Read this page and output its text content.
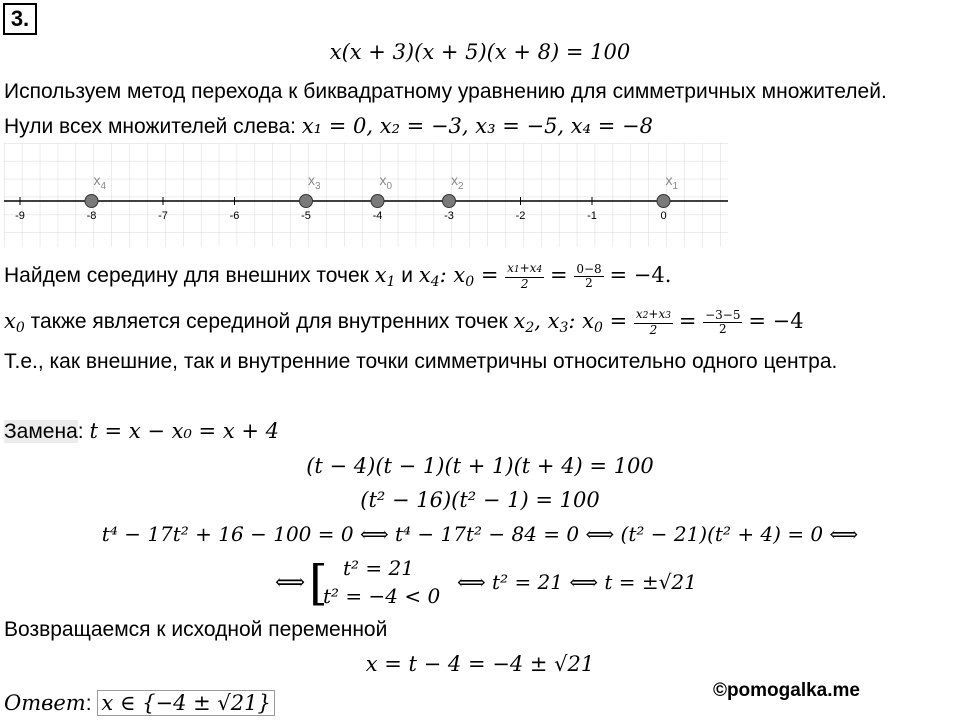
3.
x(x + 3)(x + 5)(x + 8) = 100
Используем метод перехода к биквадратному уравнению для симметричных множителей.
Нули всех множителей слева: x₁ = 0, x₂ = −3, x₃ = −5, x₄ = −8
-9	-8	-7	-6	-5	-4	-3	-2	-1	0
$x_4$	$x_3$	$x_0$	$x_2$	$x_1$
Найдем середину для внешних точек $x_1$ и $x_4$: $x_0 = \frac{x1+x4}{2} = \frac{0-8}{2} = -4$.
$x_0$ также является серединой для внутренних точек $x_2$, $x_3$: $x_0 = \frac{x2+x3}{2} = \frac{-3-5}{2} = -4$
Т.е., как внешние, так и внутренние точки симметричны относительно одного центра.
Замена: t = x − x₀ = x + 4
(t − 4)(t − 1)(t + 1)(t + 4) = 100
(t² − 16)(t² − 1) = 100
t⁴ − 17t² + 16 − 100 = 0 ⟺ t⁴ − 17t² − 84 = 0 ⟺ (t² − 21)(t² + 4) = 0 ⟺
⟺ [ t² = 21
t² = −4 < 0
⟺ t² = 21 ⟺ t = ±√21
Возвращаемся к исходной переменной
x = t − 4 = −4 ± √21
Ответ: x ∈ {−4 ± √21}
©pomogalka.me
